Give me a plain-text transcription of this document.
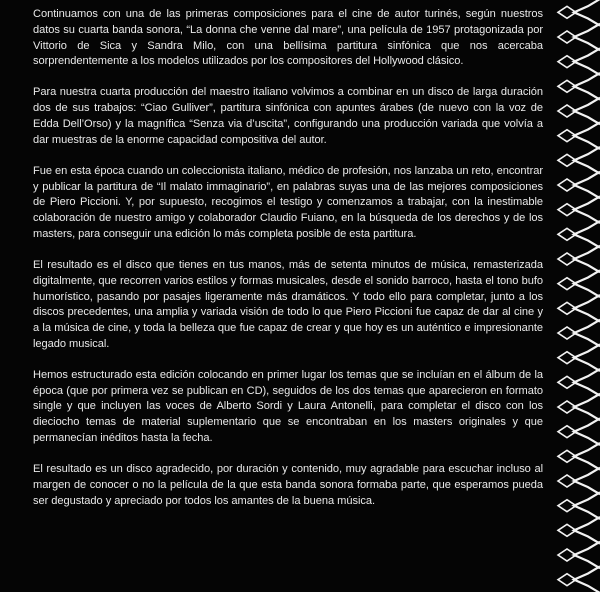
Continuamos con una de las primeras composiciones para el cine de autor turinés, según nuestros datos su cuarta banda sonora, “La donna che venne dal mare”, una película de 1957 protagonizada por Vittorio de Sica y Sandra Milo, con una bellísima partitura sinfónica que nos acercaba sorprendentemente a los modelos utilizados por los compositores del Hollywood clásico.

Para nuestra cuarta producción del maestro italiano volvimos a combinar en un disco de larga duración dos de sus trabajos: “Ciao Gulliver”, partitura sinfónica con apuntes árabes (de nuevo con la voz de Edda Dell’Orso) y la magnífica “Senza via d’uscita”, configurando una producción variada que volvía a dar muestras de la enorme capacidad compositiva del autor.

Fue en esta época cuando un coleccionista italiano, médico de profesión, nos lanzaba un reto, encontrar y publicar la partitura de “Il malato immaginario”, en palabras suyas una de las mejores composiciones de Piero Piccioni. Y, por supuesto, recogimos el testigo y comenzamos a trabajar, con la inestimable colaboración de nuestro amigo y colaborador Claudio Fuiano, en la búsqueda de los derechos y de los masters, para conseguir una edición lo más completa posible de esta partitura.

El resultado es el disco que tienes en tus manos, más de setenta minutos de música, remasterizada digitalmente, que recorren varios estilos y formas musicales, desde el sonido barroco, hasta el tono bufo humorístico, pasando por pasajes ligeramente más dramáticos. Y todo ello para completar, junto a los discos precedentes, una amplia y variada visión de todo lo que Piero Piccioni fue capaz de dar al cine y a la música de cine, y toda la belleza que fue capaz de crear y que hoy es un auténtico e impresionante legado musical.

Hemos estructurado esta edición colocando en primer lugar los temas que se incluían en el álbum de la época (que por primera vez se publican en CD), seguidos de los dos temas que aparecieron en formato single y que incluyen las voces de Alberto Sordi y Laura Antonelli, para completar el disco con los dieciocho temas de material suplementario que se encontraban en los masters originales y que permanecían inéditos hasta la fecha.

El resultado es un disco agradecido, por duración y contenido, muy agradable para escuchar incluso al margen de conocer o no la película de la que esta banda sonora formaba parte, que esperamos pueda ser degustado y apreciado por todos los amantes de la buena música.
